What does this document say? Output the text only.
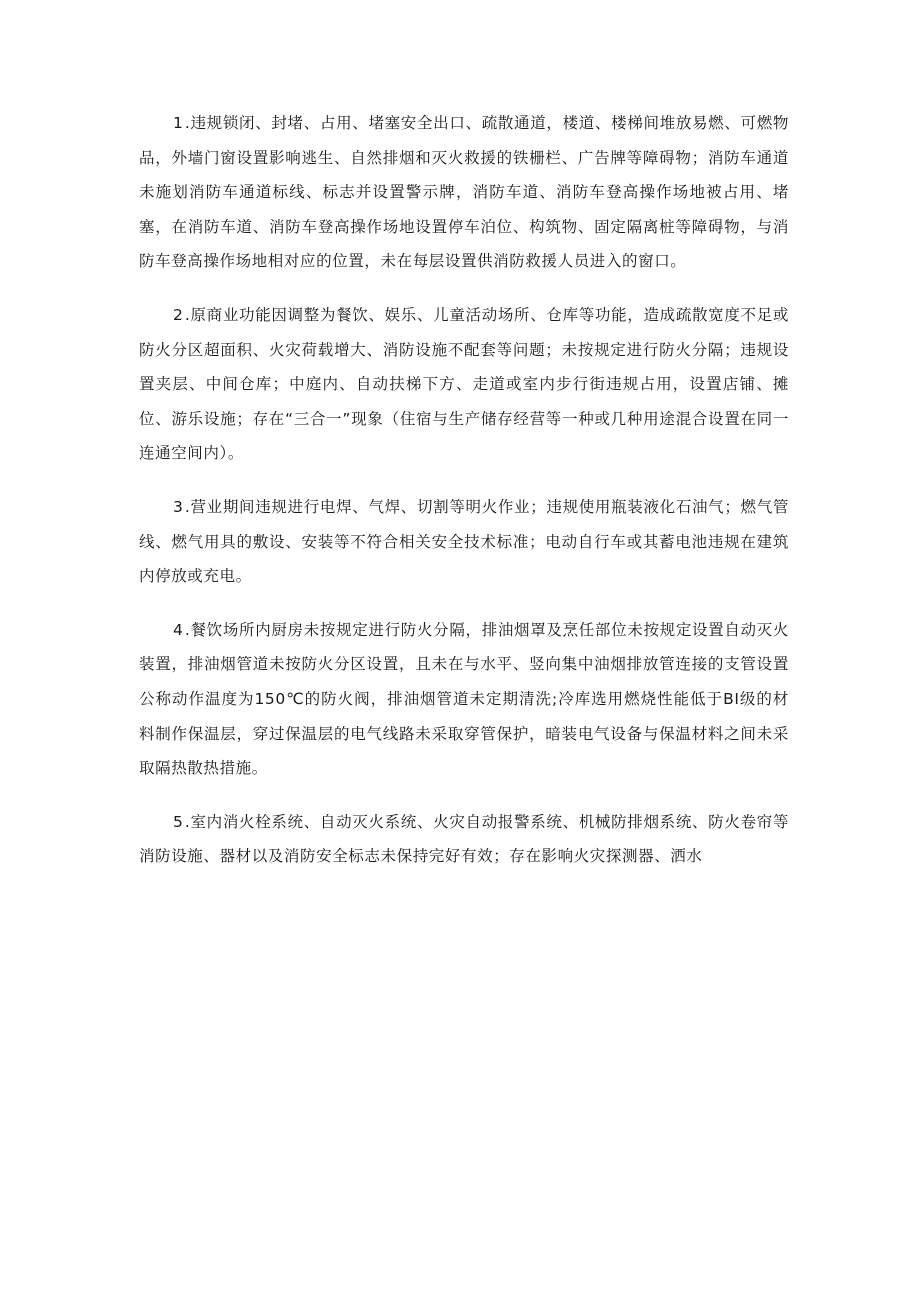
1.违规锁闭、封堵、占用、堵塞安全出口、疏散通道，楼道、楼梯间堆放易燃、可燃物品，外墙门窗设置影响逃生、自然排烟和灭火救援的铁栅栏、广告牌等障碍物；消防车通道未施划消防车通道标线、标志并设置警示牌，消防车道、消防车登高操作场地被占用、堵塞，在消防车道、消防车登高操作场地设置停车泊位、构筑物、固定隔离桩等障碍物，与消防车登高操作场地相对应的位置，未在每层设置供消防救援人员进入的窗口。

2.原商业功能因调整为餐饮、娱乐、儿童活动场所、仓库等功能，造成疏散宽度不足或防火分区超面积、火灾荷载增大、消防设施不配套等问题；未按规定进行防火分隔；违规设置夹层、中间仓库；中庭内、自动扶梯下方、走道或室内步行街违规占用，设置店铺、摊位、游乐设施；存在“三合一”现象（住宿与生产储存经营等一种或几种用途混合设置在同一连通空间内）。

3.营业期间违规进行电焊、气焊、切割等明火作业；违规使用瓶装液化石油气；燃气管线、燃气用具的敷设、安装等不符合相关安全技术标准；电动自行车或其蓄电池违规在建筑内停放或充电。

4.餐饮场所内厨房未按规定进行防火分隔，排油烟罩及烹任部位未按规定设置自动灭火装置，排油烟管道未按防火分区设置，且未在与水平、竖向集中油烟排放管连接的支管设置公称动作温度为150℃的防火阀，排油烟管道未定期清洗;冷库选用燃烧性能低于BI级的材料制作保温层，穿过保温层的电气线路未采取穿管保护，暗装电气设备与保温材料之间未采取隔热散热措施。

5.室内消火栓系统、自动灭火系统、火灾自动报警系统、机械防排烟系统、防火卷帘等消防设施、器材以及消防安全标志未保持完好有效；存在影响火灾探测器、洒水
